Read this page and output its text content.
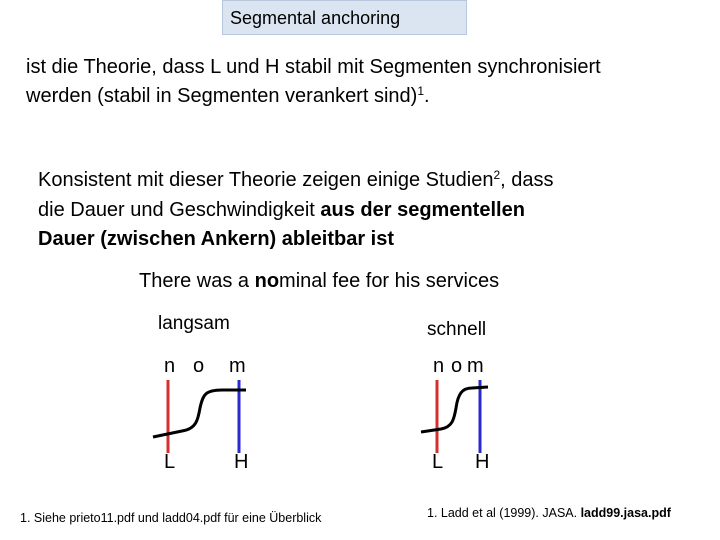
Segmental anchoring
ist die Theorie, dass L und H stabil mit Segmenten synchronisiert
werden (stabil in Segmenten verankert sind)$^1$.
Konsistent mit dieser Theorie zeigen einige Studien$^2$, dass
die Dauer und Geschwindigkeit aus der segmentellen
Dauer (zwischen Ankern) ableitbar ist
There was a nominal fee for his services
langsam
n o m
L	H
schnell
n o m
L H
1. Siehe prieto11.pdf und ladd04.pdf für eine Überblick	1. Ladd et al (1999). JASA. ladd99.jasa.pdf
